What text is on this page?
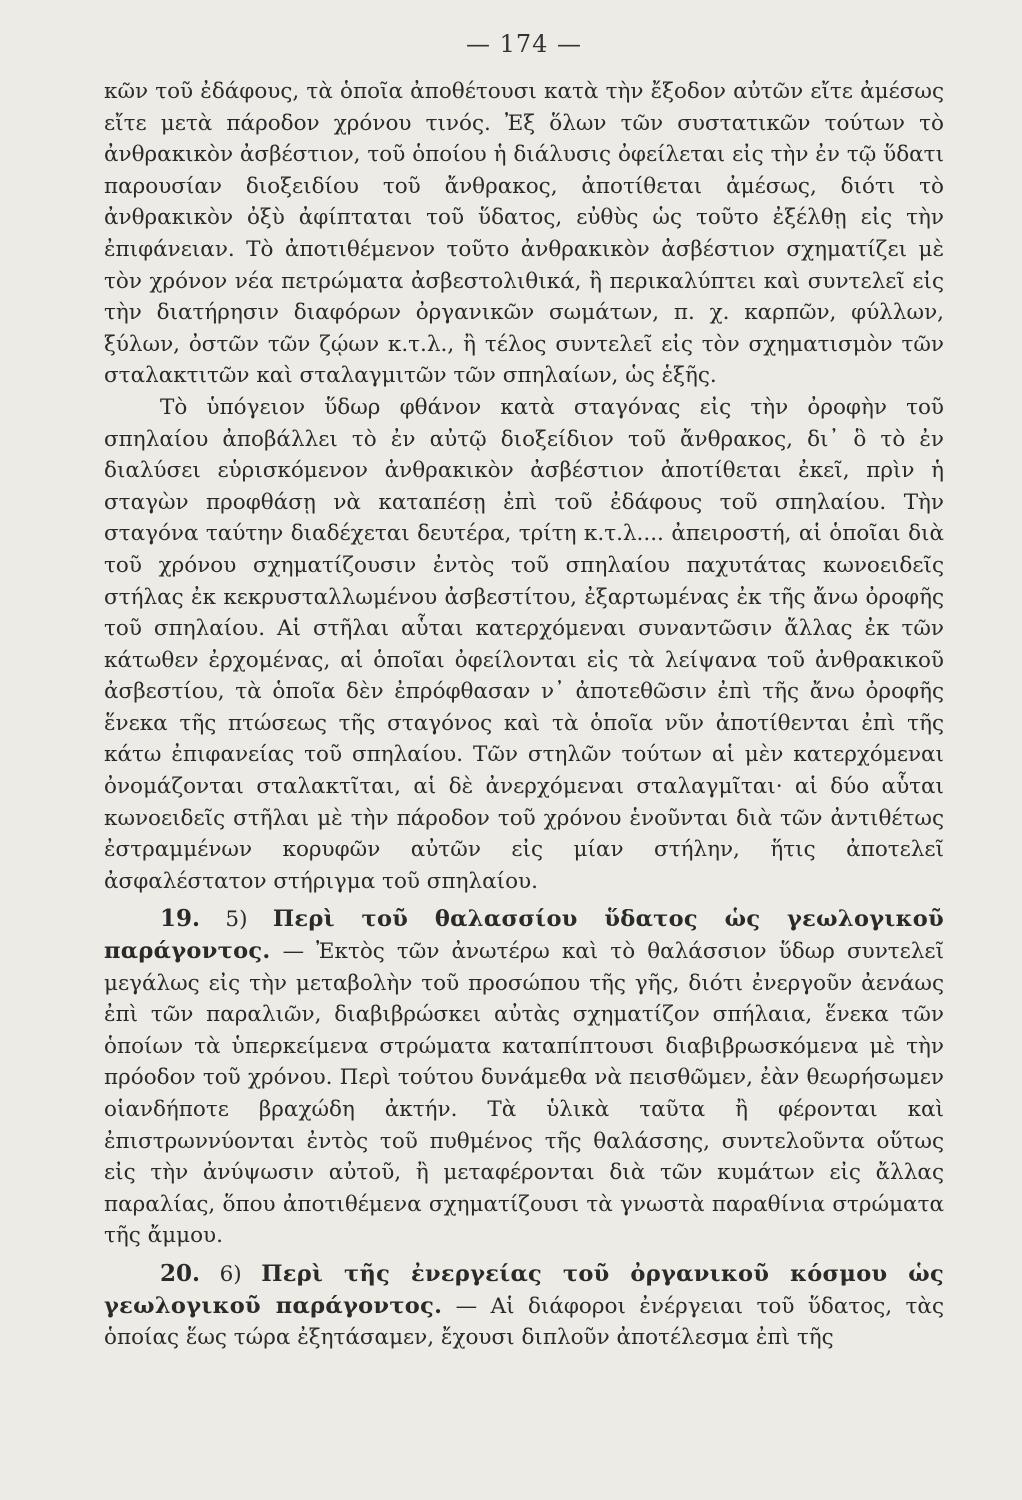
— 174 —

κῶν τοῦ ἐδάφους, τὰ ὁποῖα ἀποθέτουσι κατὰ τὴν ἔξοδον αὐτῶν εἴτε ἀμέσως εἴτε μετὰ πάροδον χρόνου τινός. Ἐξ ὅλων τῶν συστατικῶν τούτων τὸ ἀνθρακικὸν ἀσβέστιον, τοῦ ὁποίου ἡ διάλυσις ὀφείλεται εἰς τὴν ἐν τῷ ὕδατι παρουσίαν διοξειδίου τοῦ ἄνθρακος, ἀποτίθεται ἀμέσως, διότι τὸ ἀνθρακικὸν ὀξὺ ἀφίπταται τοῦ ὕδατος, εὐθὺς ὡς τοῦτο ἐξέλθῃ εἰς τὴν ἐπιφάνειαν. Τὸ ἀποτιθέμενον τοῦτο ἀνθρακικὸν ἀσβέστιον σχηματίζει μὲ τὸν χρόνον νέα πετρώματα ἀσβεστολιθικά, ἢ περικαλύπτει καὶ συντελεῖ εἰς τὴν διατήρησιν διαφόρων ὀργανικῶν σωμάτων, π. χ. καρπῶν, φύλλων, ξύλων, ὀστῶν τῶν ζῴων κ.τ.λ., ἢ τέλος συντελεῖ εἰς τὸν σχηματισμὸν τῶν σταλακτιτῶν καὶ σταλαγμιτῶν τῶν σπηλαίων, ὡς ἑξῆς.

Τὸ ὑπόγειον ὕδωρ φθάνον κατὰ σταγόνας εἰς τὴν ὀροφὴν τοῦ σπηλαίου ἀποβάλλει τὸ ἐν αὐτῷ διοξείδιον τοῦ ἄνθρακος, δι᾽ ὃ τὸ ἐν διαλύσει εὑρισκόμενον ἀνθρακικὸν ἀσβέστιον ἀποτίθεται ἐκεῖ, πρὶν ἡ σταγὼν προφθάσῃ νὰ καταπέσῃ ἐπὶ τοῦ ἐδάφους τοῦ σπηλαίου. Τὴν σταγόνα ταύτην διαδέχεται δευτέρα, τρίτη κ.τ.λ.... ἀπειροστή, αἱ ὁποῖαι διὰ τοῦ χρόνου σχηματίζουσιν ἐντὸς τοῦ σπηλαίου παχυτάτας κωνοειδεῖς στήλας ἐκ κεκρυσταλλωμένου ἀσβεστίτου, ἐξαρτωμένας ἐκ τῆς ἄνω ὀροφῆς τοῦ σπηλαίου. Αἱ στῆλαι αὗται κατερχόμεναι συναντῶσιν ἄλλας ἐκ τῶν κάτωθεν ἐρχομένας, αἱ ὁποῖαι ὀφείλονται εἰς τὰ λείψανα τοῦ ἀνθρακικοῦ ἀσβεστίου, τὰ ὁποῖα δὲν ἐπρόφθασαν ν᾽ ἀποτεθῶσιν ἐπὶ τῆς ἄνω ὀροφῆς ἕνεκα τῆς πτώσεως τῆς σταγόνος καὶ τὰ ὁποῖα νῦν ἀποτίθενται ἐπὶ τῆς κάτω ἐπιφανείας τοῦ σπηλαίου. Τῶν στηλῶν τούτων αἱ μὲν κατερχόμεναι ὀνομάζονται σταλακτῖται, αἱ δὲ ἀνερχόμεναι σταλαγμῖται· αἱ δύο αὗται κωνοειδεῖς στῆλαι μὲ τὴν πάροδον τοῦ χρόνου ἑνοῦνται διὰ τῶν ἀντιθέτως ἐστραμμένων κορυφῶν αὐτῶν εἰς μίαν στήλην, ἥτις ἀποτελεῖ ἀσφαλέστατον στήριγμα τοῦ σπηλαίου.

19. 5) Περὶ τοῦ θαλασσίου ὕδατος ὡς γεωλογικοῦ παράγοντος. — Ἐκτὸς τῶν ἀνωτέρω καὶ τὸ θαλάσσιον ὕδωρ συντελεῖ μεγάλως εἰς τὴν μεταβολὴν τοῦ προσώπου τῆς γῆς, διότι ἐνεργοῦν ἀενάως ἐπὶ τῶν παραλιῶν, διαβιβρώσκει αὐτὰς σχηματίζον σπήλαια, ἕνεκα τῶν ὁποίων τὰ ὑπερκείμενα στρώματα καταπίπτουσι διαβιβρωσκόμενα μὲ τὴν πρόοδον τοῦ χρόνου. Περὶ τούτου δυνάμεθα νὰ πεισθῶμεν, ἐὰν θεωρήσωμεν οἱανδήποτε βραχώδη ἀκτήν. Τὰ ὑλικὰ ταῦτα ἢ φέρονται καὶ ἐπιστρωννύονται ἐντὸς τοῦ πυθμένος τῆς θαλάσσης, συντελοῦντα οὕτως εἰς τὴν ἀνύψωσιν αὐτοῦ, ἢ μεταφέρονται διὰ τῶν κυμάτων εἰς ἄλλας παραλίας, ὅπου ἀποτιθέμενα σχηματίζουσι τὰ γνωστὰ παραθίνια στρώματα τῆς ἄμμου.

20. 6) Περὶ τῆς ἐνεργείας τοῦ ὀργανικοῦ κόσμου ὡς γεωλογικοῦ παράγοντος. — Αἱ διάφοροι ἐνέργειαι τοῦ ὕδατος, τὰς ὁποίας ἕως τώρα ἐξητάσαμεν, ἔχουσι διπλοῦν ἀποτέλεσμα ἐπὶ τῆς
